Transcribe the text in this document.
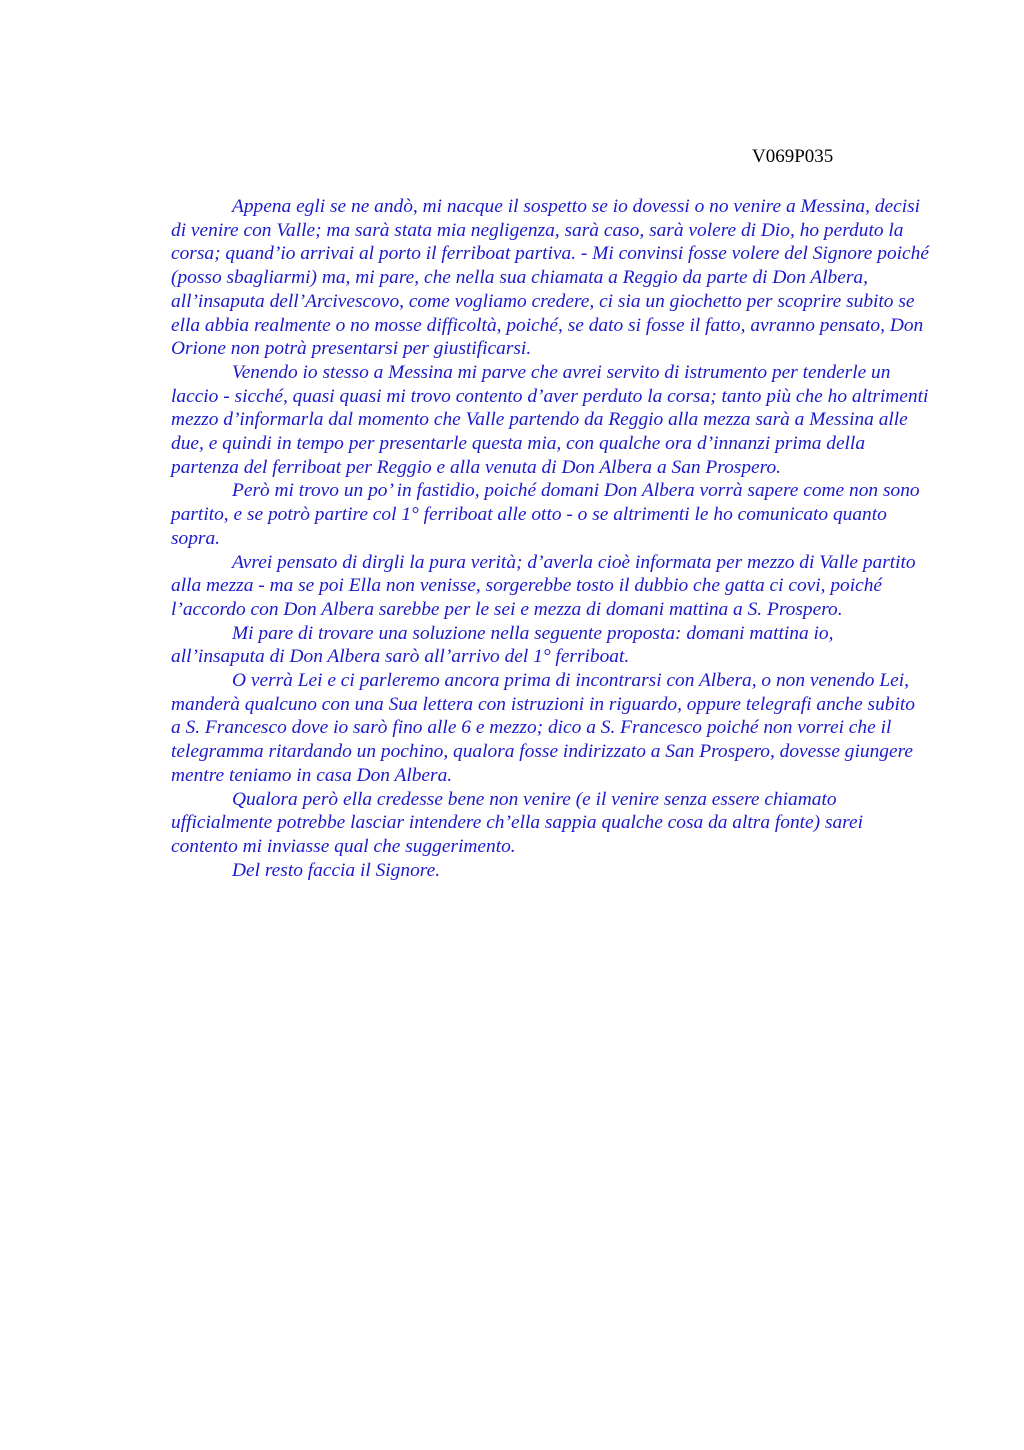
V069P035

Appena egli se ne andò, mi nacque il sospetto se io dovessi o no venire a Messina, decisi di venire con Valle; ma sarà stata mia negligenza, sarà caso, sarà volere di Dio, ho perduto la corsa; quand’io arrivai al porto il ferriboat partiva. - Mi convinsi fosse volere del Signore poiché (posso sbagliarmi) ma, mi pare, che nella sua chiamata a Reggio da parte di Don Albera, all’insaputa dell’Arcivescovo, come vogliamo credere, ci sia un giochetto per scoprire subito se ella abbia realmente o no mosse difficoltà, poiché, se dato si fosse il fatto, avranno pensato, Don Orione non potrà presentarsi per giustificarsi.

Venendo io stesso a Messina mi parve che avrei servito di istrumento per tenderle un laccio - sicché, quasi quasi mi trovo contento d’aver perduto la corsa; tanto più che ho altrimenti mezzo d’informarla dal momento che Valle partendo da Reggio alla mezza sarà a Messina alle due, e quindi in tempo per presentarle questa mia, con qualche ora d’innanzi prima della partenza del ferriboat per Reggio e alla venuta di Don Albera a San Prospero.

Però mi trovo un po’ in fastidio, poiché domani Don Albera vorrà sapere come non sono partito, e se potrò partire col 1° ferriboat alle otto - o se altrimenti le ho comunicato quanto sopra.

Avrei pensato di dirgli la pura verità; d’averla cioè informata per mezzo di Valle partito alla mezza - ma se poi Ella non venisse, sorgerebbe tosto il dubbio che gatta ci covi, poiché l’accordo con Don Albera sarebbe per le sei e mezza di domani mattina a S. Prospero.

Mi pare di trovare una soluzione nella seguente proposta: domani mattina io, all’insaputa di Don Albera sarò all’arrivo del 1° ferriboat.

O verrà Lei e ci parleremo ancora prima di incontrarsi con Albera, o non venendo Lei, manderà qualcuno con una Sua lettera con istruzioni in riguardo, oppure telegrafi anche subito a S. Francesco dove io sarò fino alle 6 e mezzo; dico a S. Francesco poiché non vorrei che il telegramma ritardando un pochino, qualora fosse indirizzato a San Prospero, dovesse giungere mentre teniamo in casa Don Albera.

Qualora però ella credesse bene non venire (e il venire senza essere chiamato ufficialmente potrebbe lasciar intendere ch’ella sappia qualche cosa da altra fonte) sarei contento mi inviasse qual che suggerimento.

Del resto faccia il Signore.
